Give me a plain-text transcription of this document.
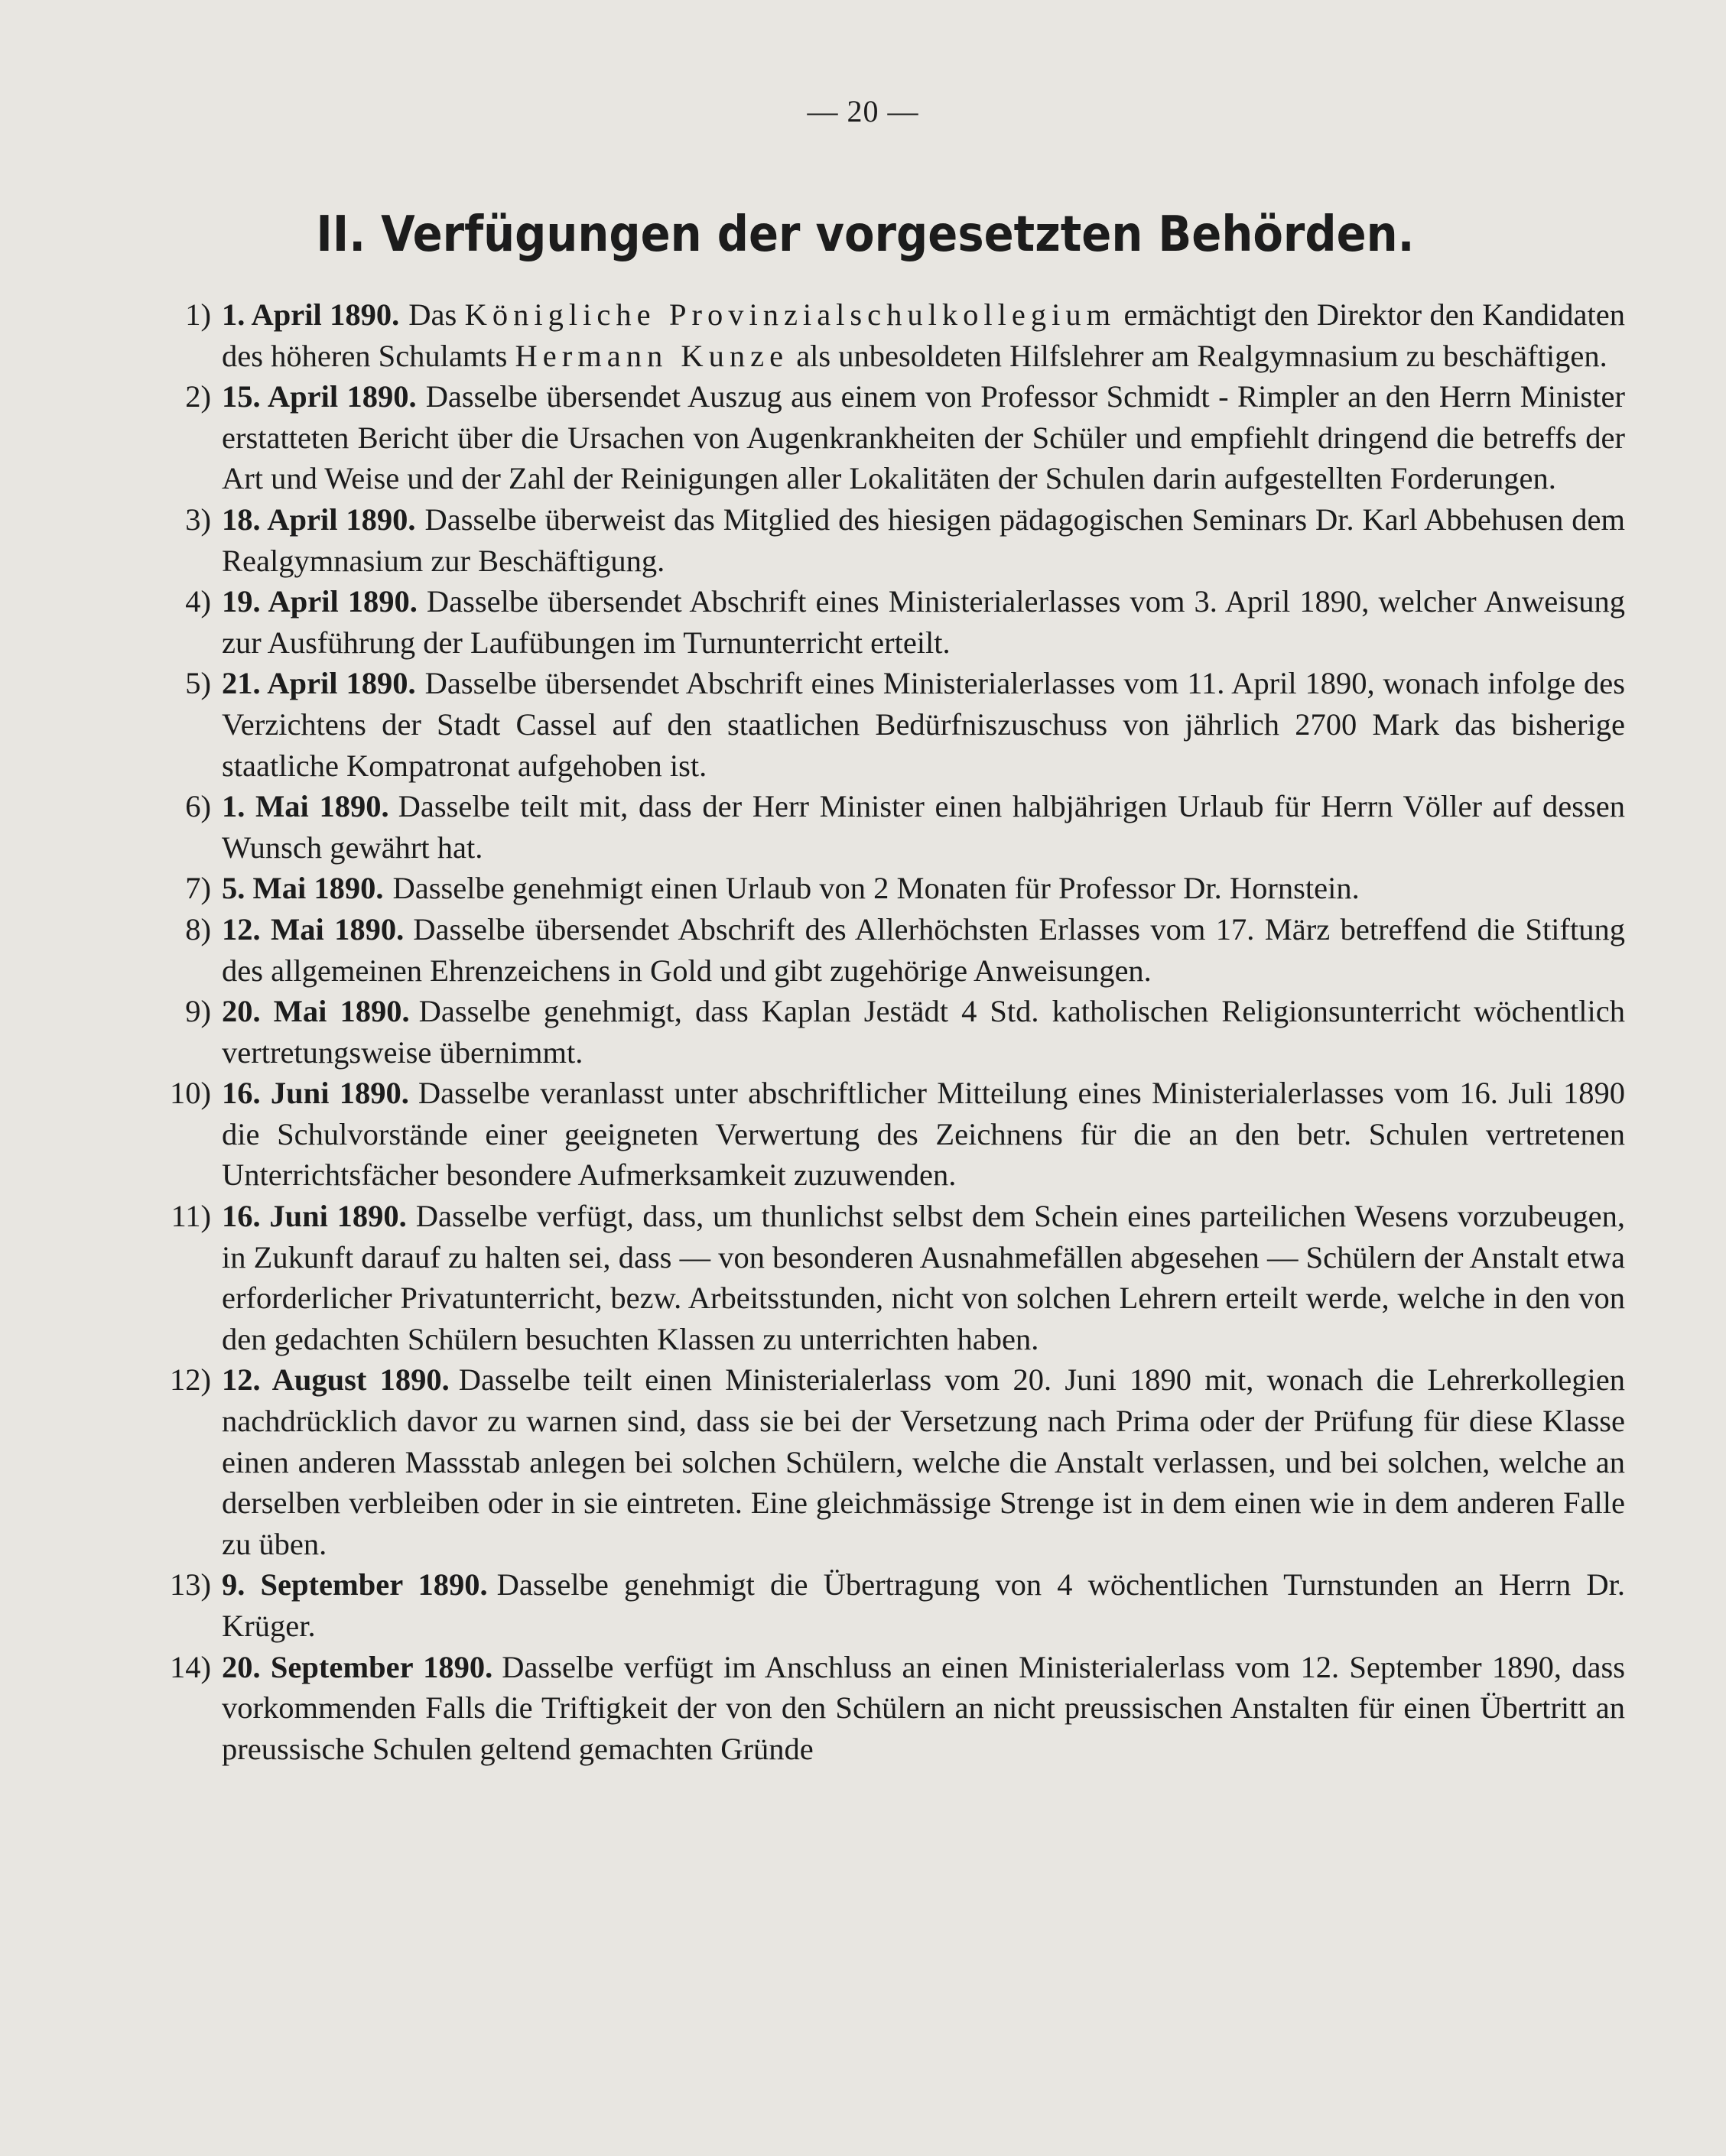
— 20 —
II. Verfügungen der vorgesetzten Behörden.
1) 1. April 1890. Das Königliche Provinzialschulkollegium ermächtigt den Direktor den Kandidaten des höheren Schulamts Hermann Kunze als unbesoldeten Hilfslehrer am Realgymnasium zu beschäftigen.
2) 15. April 1890. Dasselbe übersendet Auszug aus einem von Professor Schmidt - Rimpler an den Herrn Minister erstatteten Bericht über die Ursachen von Augenkrankheiten der Schüler und empfiehlt dringend die betreffs der Art und Weise und der Zahl der Reinigungen aller Lokalitäten der Schulen darin aufgestellten Forderungen.
3) 18. April 1890. Dasselbe überweist das Mitglied des hiesigen pädagogischen Seminars Dr. Karl Abbehusen dem Realgymnasium zur Beschäftigung.
4) 19. April 1890. Dasselbe übersendet Abschrift eines Ministerialerlasses vom 3. April 1890, welcher Anweisung zur Ausführung der Laufübungen im Turnunterricht erteilt.
5) 21. April 1890. Dasselbe übersendet Abschrift eines Ministerialerlasses vom 11. April 1890, wonach infolge des Verzichtens der Stadt Cassel auf den staatlichen Bedürfniszuschuss von jährlich 2700 Mark das bisherige staatliche Kompatronat aufgehoben ist.
6) 1. Mai 1890. Dasselbe teilt mit, dass der Herr Minister einen halbjährigen Urlaub für Herrn Völler auf dessen Wunsch gewährt hat.
7) 5. Mai 1890. Dasselbe genehmigt einen Urlaub von 2 Monaten für Professor Dr. Hornstein.
8) 12. Mai 1890. Dasselbe übersendet Abschrift des Allerhöchsten Erlasses vom 17. März betreffend die Stiftung des allgemeinen Ehrenzeichens in Gold und gibt zugehörige Anweisungen.
9) 20. Mai 1890. Dasselbe genehmigt, dass Kaplan Jestädt 4 Std. katholischen Religionsunterricht wöchentlich vertretungsweise übernimmt.
10) 16. Juni 1890. Dasselbe veranlasst unter abschriftlicher Mitteilung eines Ministerialerlasses vom 16. Juli 1890 die Schulvorstände einer geeigneten Verwertung des Zeichnens für die an den betr. Schulen vertretenen Unterrichtsfächer besondere Aufmerksamkeit zuzuwenden.
11) 16. Juni 1890. Dasselbe verfügt, dass, um thunlichst selbst dem Schein eines parteilichen Wesens vorzubeugen, in Zukunft darauf zu halten sei, dass — von besonderen Ausnahmefällen abgesehen — Schülern der Anstalt etwa erforderlicher Privatunterricht, bezw. Arbeitsstunden, nicht von solchen Lehrern erteilt werde, welche in den von den gedachten Schülern besuchten Klassen zu unterrichten haben.
12) 12. August 1890. Dasselbe teilt einen Ministerialerlass vom 20. Juni 1890 mit, wonach die Lehrerkollegien nachdrücklich davor zu warnen sind, dass sie bei der Versetzung nach Prima oder der Prüfung für diese Klasse einen anderen Massstab anlegen bei solchen Schülern, welche die Anstalt verlassen, und bei solchen, welche an derselben verbleiben oder in sie eintreten. Eine gleichmässige Strenge ist in dem einen wie in dem anderen Falle zu üben.
13) 9. September 1890. Dasselbe genehmigt die Übertragung von 4 wöchentlichen Turnstunden an Herrn Dr. Krüger.
14) 20. September 1890. Dasselbe verfügt im Anschluss an einen Ministerialerlass vom 12. September 1890, dass vorkommenden Falls die Triftigkeit der von den Schülern an nicht preussischen Anstalten für einen Übertritt an preussische Schulen geltend gemachten Gründe
